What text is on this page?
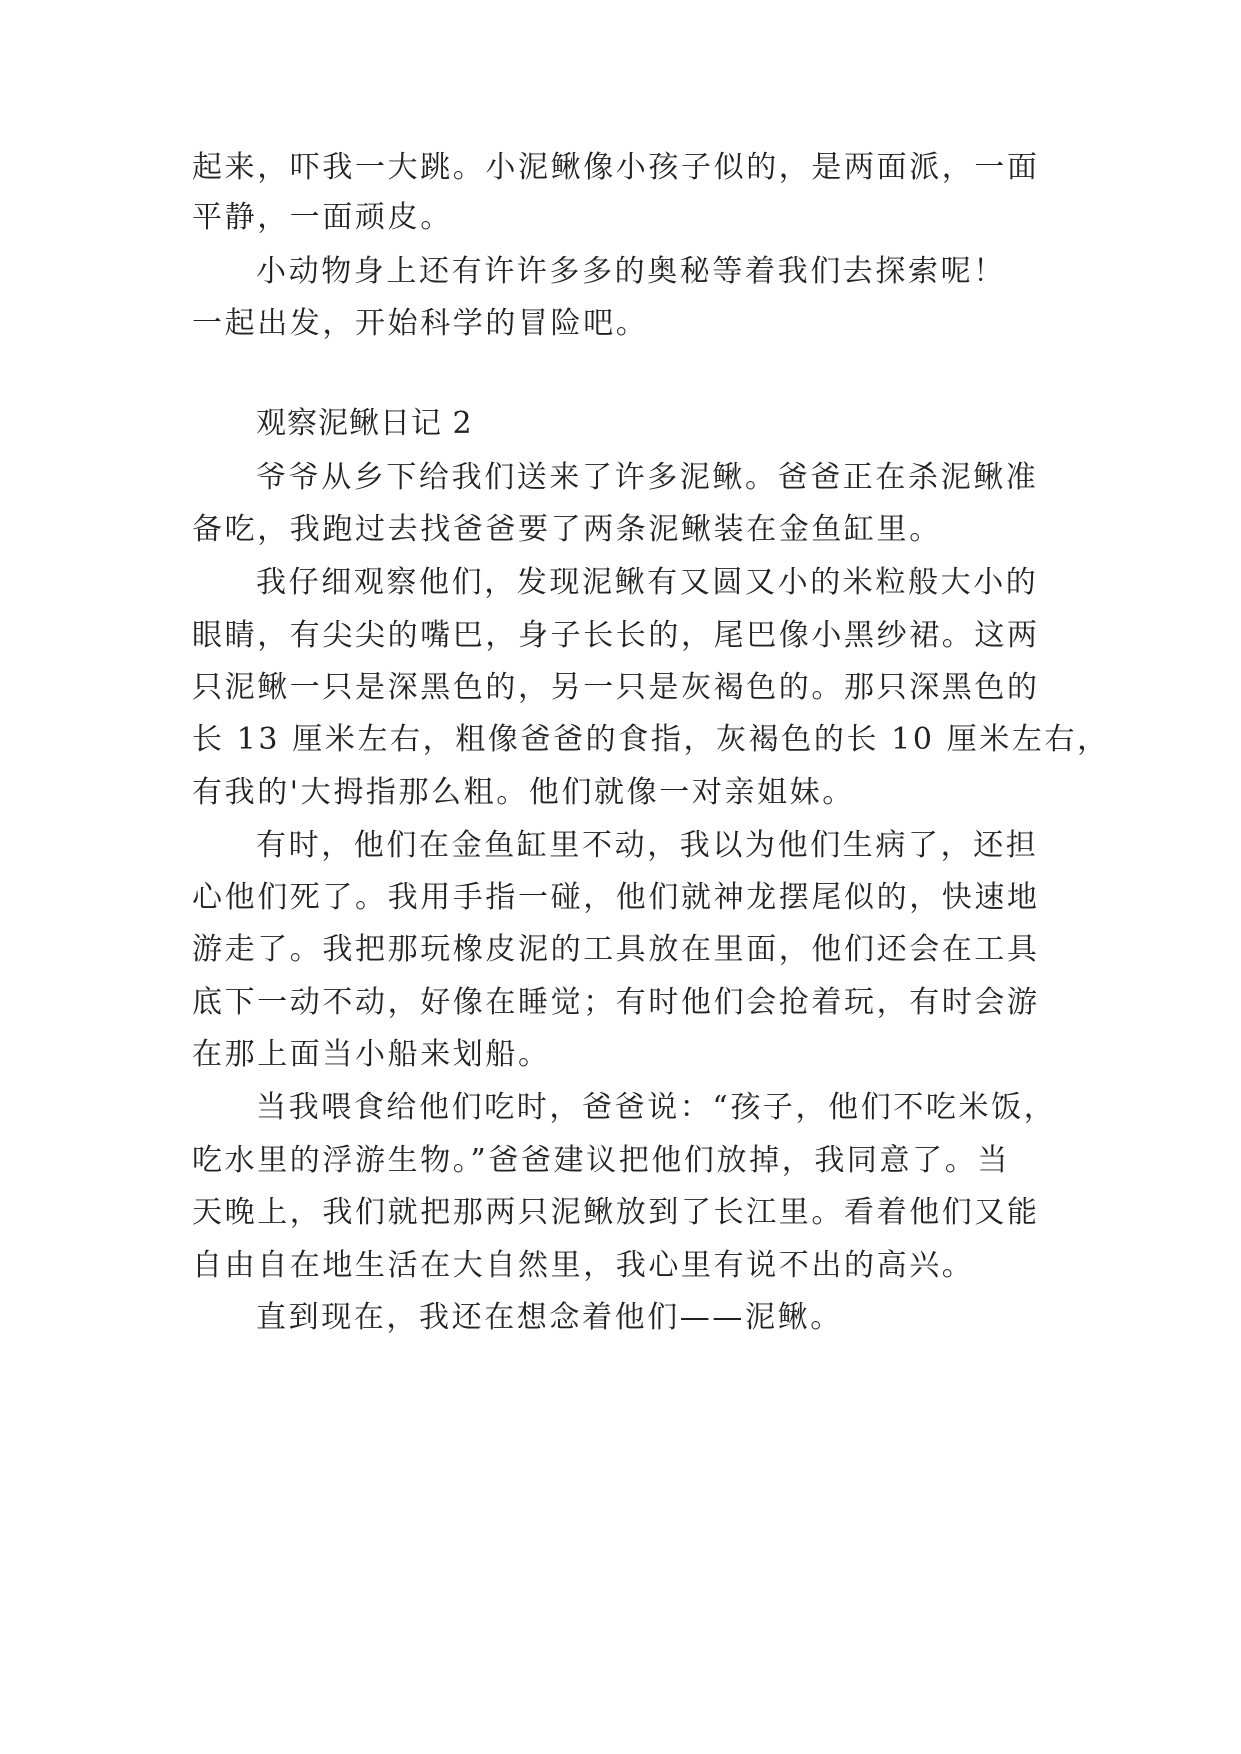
起来，吓我一大跳。小泥鳅像小孩子似的，是两面派，一面

平静，一面顽皮。

小动物身上还有许许多多的奥秘等着我们去探索呢！

一起出发，开始科学的冒险吧。

观察泥鳅日记 2

爷爷从乡下给我们送来了许多泥鳅。爸爸正在杀泥鳅准

备吃，我跑过去找爸爸要了两条泥鳅装在金鱼缸里。

我仔细观察他们，发现泥鳅有又圆又小的米粒般大小的

眼睛，有尖尖的嘴巴，身子长长的，尾巴像小黑纱裙。这两

只泥鳅一只是深黑色的，另一只是灰褐色的。那只深黑色的

长 13 厘米左右，粗像爸爸的食指，灰褐色的长 10 厘米左右，

有我的'大拇指那么粗。他们就像一对亲姐妹。

有时，他们在金鱼缸里不动，我以为他们生病了，还担

心他们死了。我用手指一碰，他们就神龙摆尾似的，快速地

游走了。我把那玩橡皮泥的工具放在里面，他们还会在工具

底下一动不动，好像在睡觉；有时他们会抢着玩，有时会游

在那上面当小船来划船。

当我喂食给他们吃时，爸爸说：“孩子，他们不吃米饭，

吃水里的浮游生物。”爸爸建议把他们放掉，我同意了。当

天晚上，我们就把那两只泥鳅放到了长江里。看着他们又能

自由自在地生活在大自然里，我心里有说不出的高兴。

直到现在，我还在想念着他们——泥鳅。
